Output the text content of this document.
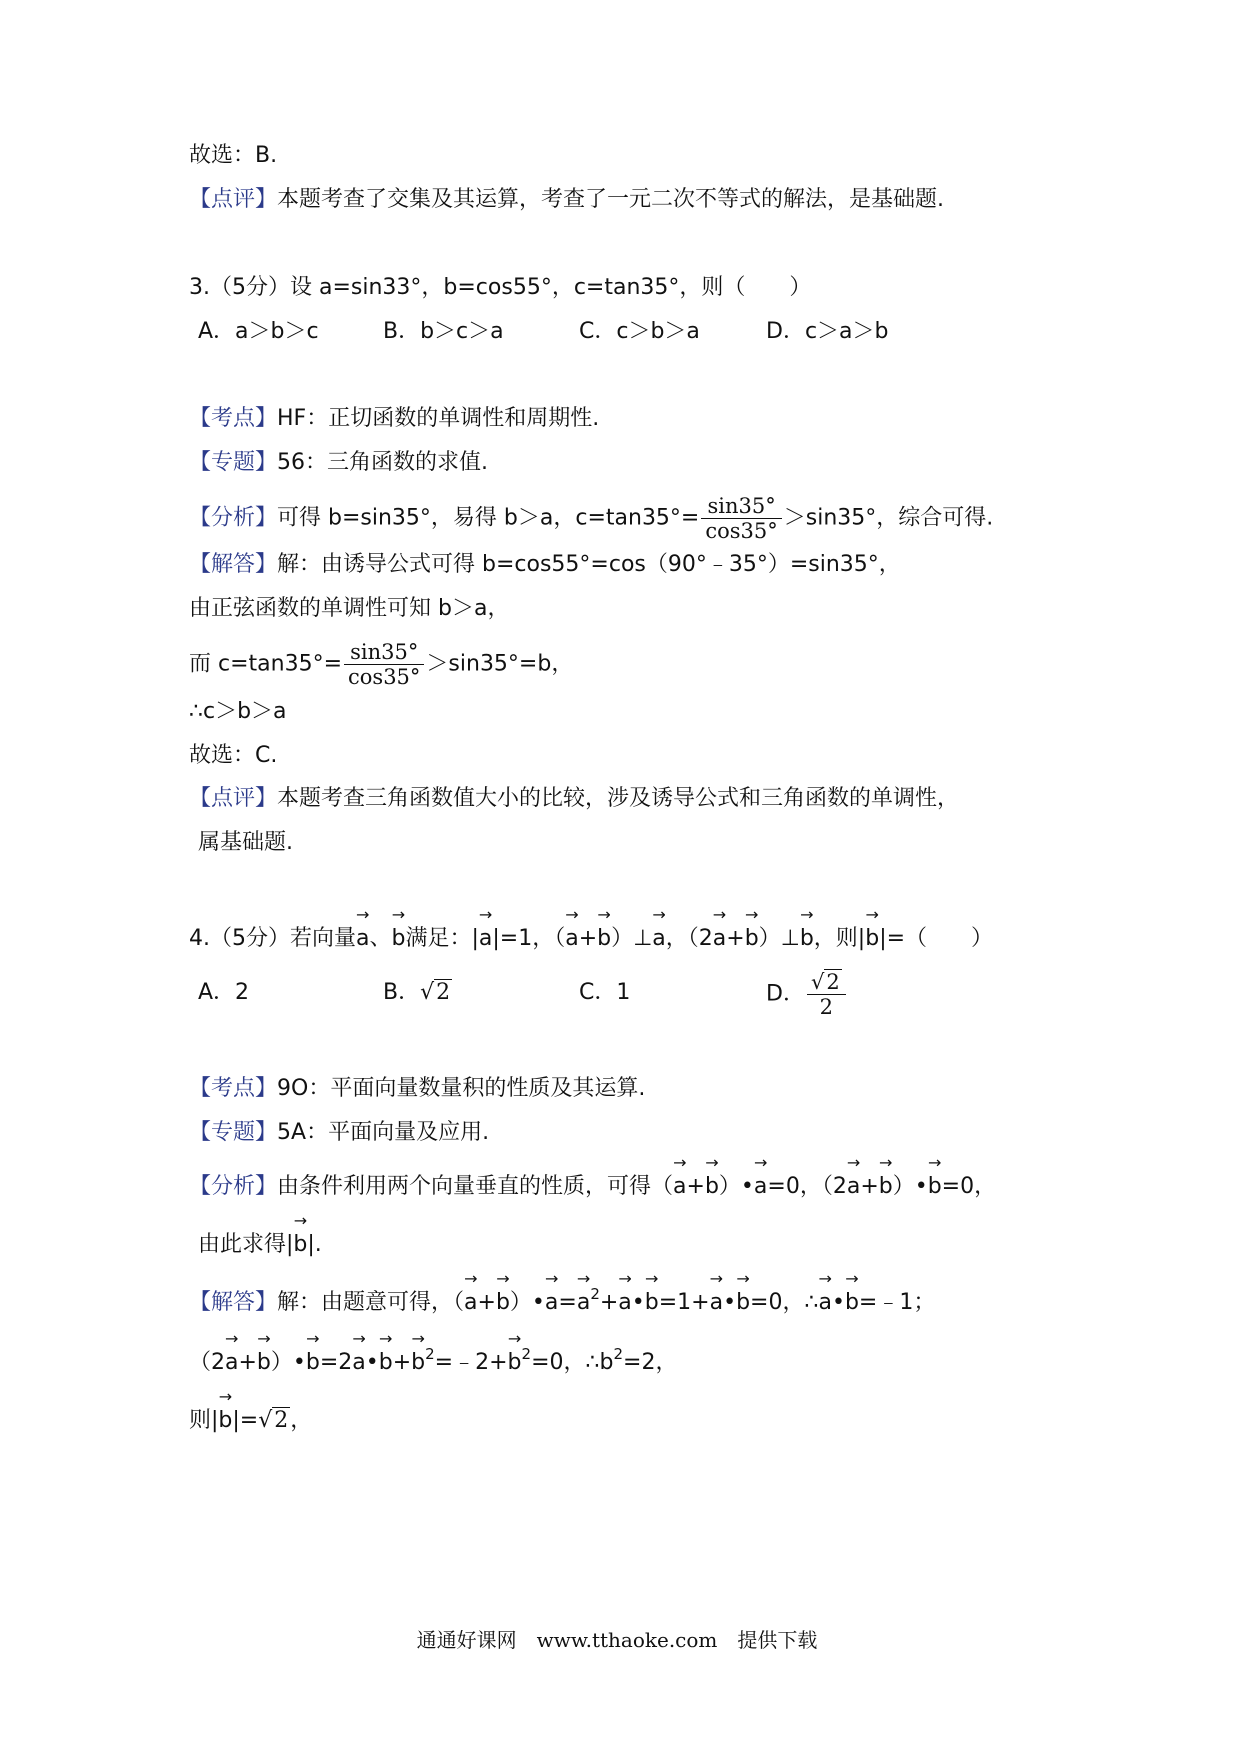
故选：B.
【点评】本题考查了交集及其运算，考查了一元二次不等式的解法，是基础题.
3.（5分）设 a=sin33°，b=cos55°，c=tan35°，则（　　）
A．a＞b＞c	B．b＞c＞a	C．c＞b＞a	D．c＞a＞b
【考点】HF：正切函数的单调性和周期性.
【专题】56：三角函数的求值.
【分析】可得 b=sin35°，易得 b＞a，$c=\tan 35^\circ= \frac{\sin 35^\circ}{\cos 35^\circ} >\sin 35^\circ$，综合可得.
【解答】解：由诱导公式可得 b=cos55°=cos（90°﹣35°）=sin35°，
由正弦函数的单调性可知 b＞a，
而 $c=\tan 35^\circ= \frac{\sin 35^\circ}{\cos 35^\circ} >\sin 35^\circ=b$，
∴c＞b＞a
故选：C.
【点评】本题考查三角函数值大小的比较，涉及诱导公式和三角函数的单调性，
属基础题.
4.（5分）若向量→ a、→ b满足：|→ a|=1，（→ a+→ b）⊥→ a，（2→ a+→ b）⊥→ b，则|→ b|=（　　）
A．2	B．√2	C．1	D． $\frac{√2}{2}$
【考点】9O：平面向量数量积的性质及其运算.
【专题】5A：平面向量及应用.
【分析】由条件利用两个向量垂直的性质，可得（→ a+→ b）•→ a=0，（2→ a+→ b）•→ b=0，
由此求得|→ b|.
【解答】解：由题意可得，（→ a+→ b）•→ $a=\to a^2+\to$ a•→ b=1+→ a•→ b=0，∴→ a•→ b=﹣1；
（2→ a+→ b）•→ b=2→ a•→ $b+\to b^2=﹣2+\to b^2=0$，$\therefore b^2=2$，
则|→ b|=√2，
通通好课网　www.tthaoke.com　提供下载
